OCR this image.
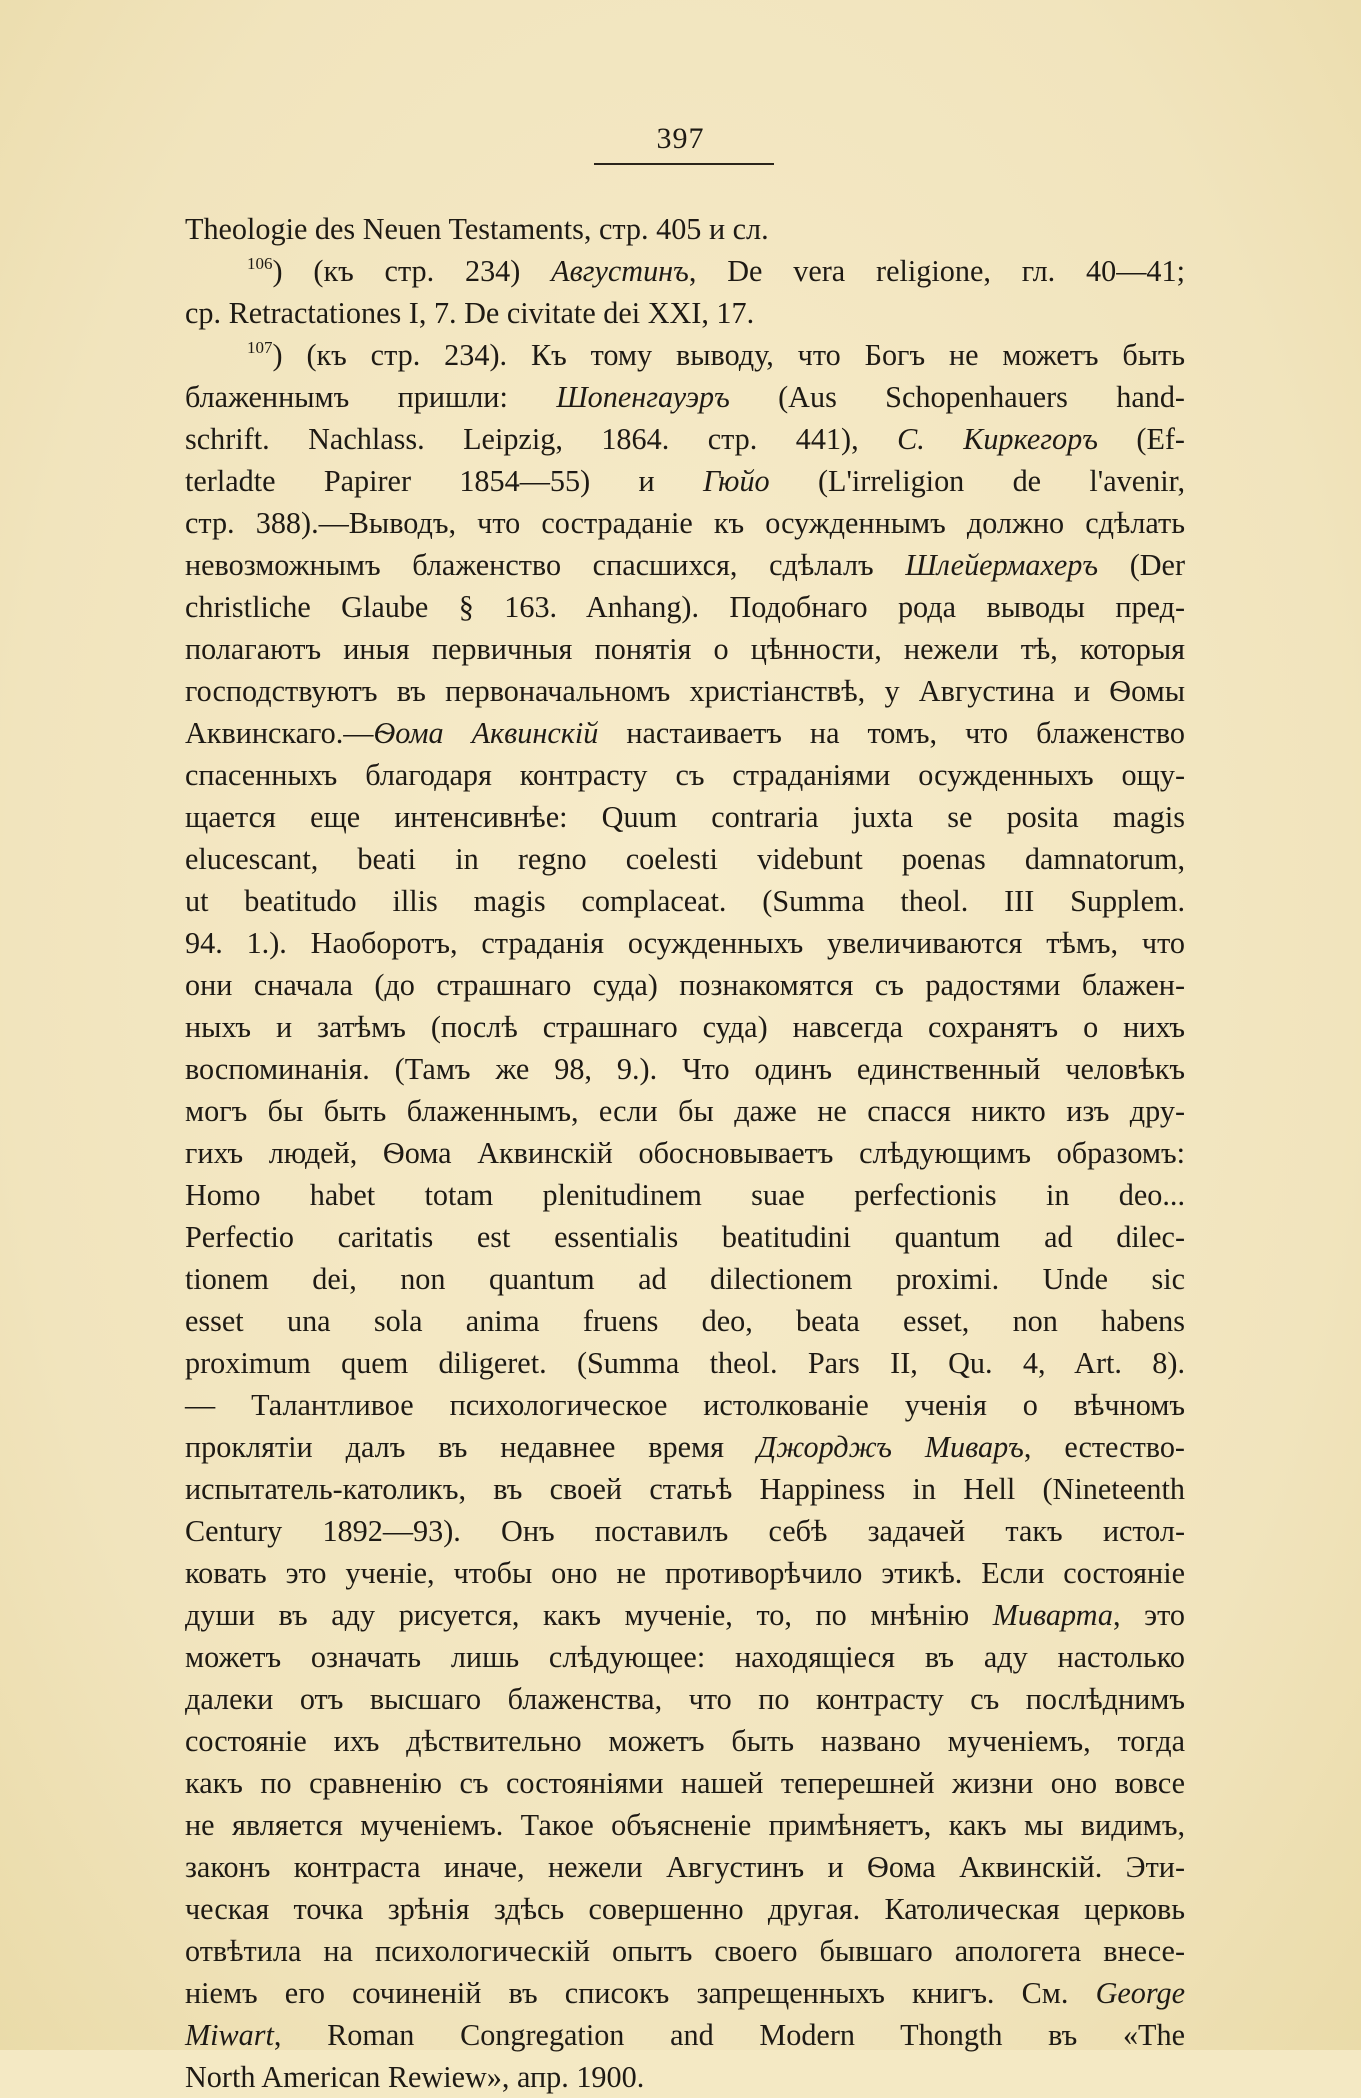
397
Theologie des Neuen Testaments, стр. 405 и сл.
$^{106}$) (къ стр. 234) Августинъ, De vera religione, гл. 40—41;
ср. Retractationes I, 7. De civitate dei XXI, 17.
$^{107}$) (къ стр. 234). Къ тому выводу, что Богъ не можетъ быть
блаженнымъ пришли: Шопенгауэръ (Aus Schopenhauers hand-
schrift. Nachlass. Leipzig, 1864. стр. 441), С. Киркегоръ (Ef-
terladte Papirer 1854—55) и Гюйо (L'irreligion de l'avenir,
стр. 388).—Выводъ, что состраданіе къ осужденнымъ должно сдѣлать
невозможнымъ блаженство спасшихся, сдѣлалъ Шлейермахеръ (Der
christliche Glaube § 163. Anhang). Подобнаго рода выводы пред-
полагаютъ иныя первичныя понятія о цѣнности, нежели тѣ, которыя
господствуютъ въ первоначальномъ христіанствѣ, у Августина и Ѳомы
Аквинскаго.—Ѳома Аквинскій настаиваетъ на томъ, что блаженство
спасенныхъ благодаря контрасту съ страданіями осужденныхъ ощу-
щается еще интенсивнѣе: Quum contraria juxta se posita magis
elucescant, beati in regno coelesti videbunt poenas damnatorum,
ut beatitudo illis magis complaceat. (Summa theol. III Supplem.
94. 1.). Наоборотъ, страданія осужденныхъ увеличиваются тѣмъ, что
они сначала (до страшнаго суда) познакомятся съ радостями блажен-
ныхъ и затѣмъ (послѣ страшнаго суда) навсегда сохранятъ о нихъ
воспоминанія. (Тамъ же 98, 9.). Что одинъ единственный человѣкъ
могъ бы быть блаженнымъ, если бы даже не спасся никто изъ дру-
гихъ людей, Ѳома Аквинскій обосновываетъ слѣдующимъ образомъ:
Homo habet totam plenitudinem suae perfectionis in deo...
Perfectio caritatis est essentialis beatitudini quantum ad dilec-
tionem dei, non quantum ad dilectionem proximi. Unde sic
esset una sola anima fruens deo, beata esset, non habens
proximum quem diligeret. (Summa theol. Pars II, Qu. 4, Art. 8).
— Талантливое психологическое истолкованіе ученія о вѣчномъ
проклятіи далъ въ недавнее время Джорджъ Миваръ, естество-
испытатель-католикъ, въ своей статьѣ Happiness in Hell (Nineteenth
Century 1892—93). Онъ поставилъ себѣ задачей такъ истол-
ковать это ученіе, чтобы оно не противорѣчило этикѣ. Если состояніе
души въ аду рисуется, какъ мученіе, то, по мнѣнію Миварта, это
можетъ означать лишь слѣдующее: находящіеся въ аду настолько
далеки отъ высшаго блаженства, что по контрасту съ послѣднимъ
состояніе ихъ дѣствительно можетъ быть названо мученіемъ, тогда
какъ по сравненію съ состояніями нашей теперешней жизни оно вовсе
не является мученіемъ. Такое объясненіе примѣняетъ, какъ мы видимъ,
законъ контраста иначе, нежели Августинъ и Ѳома Аквинскій. Эти-
ческая точка зрѣнія здѣсь совершенно другая. Католическая церковь
отвѣтила на психологическій опытъ своего бывшаго апологета внесе-
ніемъ его сочиненій въ списокъ запрещенныхъ книгъ. См. George
Miwart, Roman Congregation and Modern Thongth въ «The
North American Rewiew», апр. 1900.
